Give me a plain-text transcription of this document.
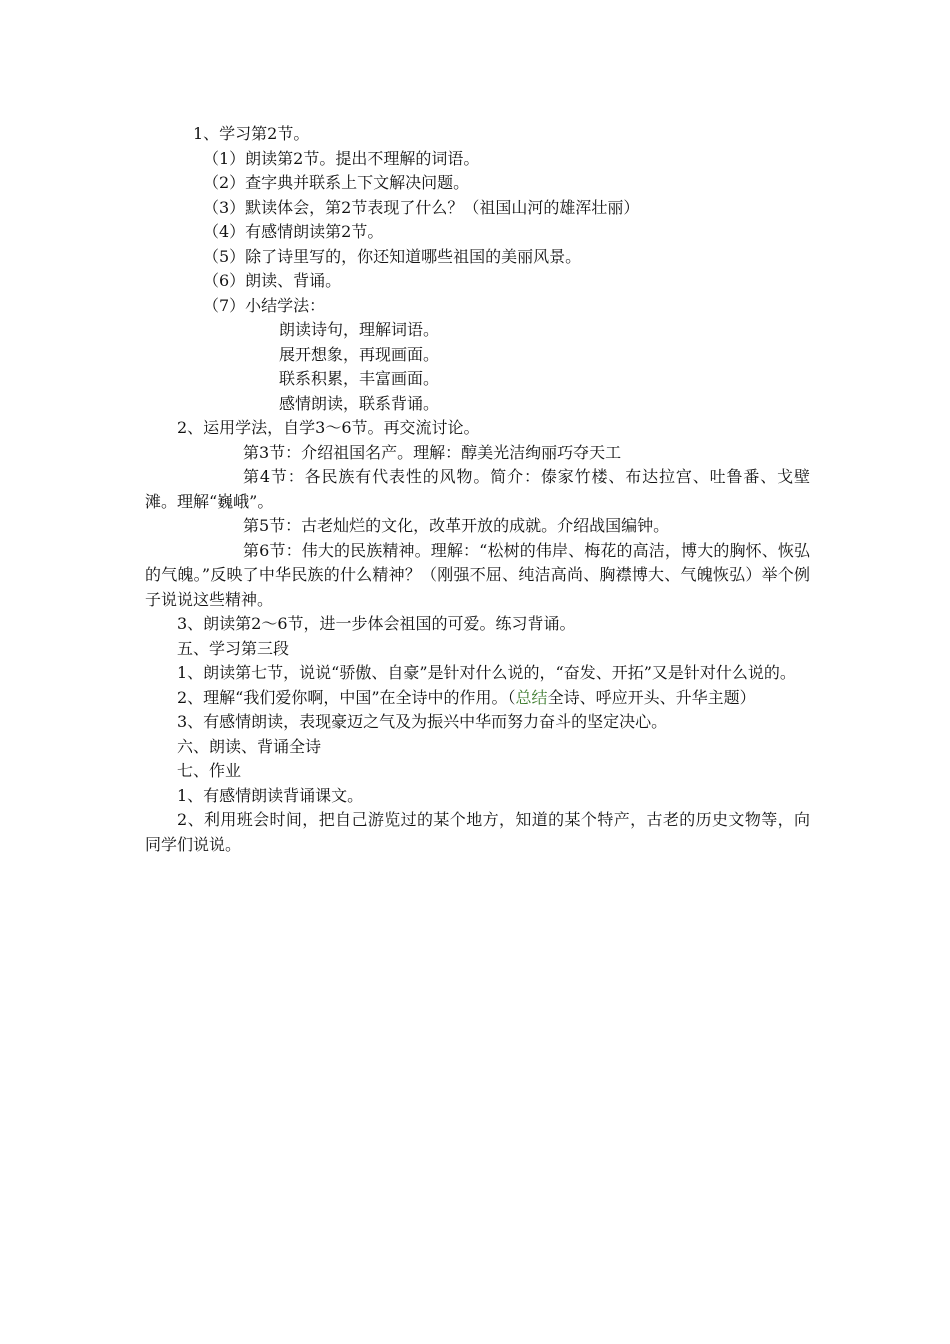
1、学习第2节。
（1）朗读第2节。提出不理解的词语。
（2）查字典并联系上下文解决问题。
（3）默读体会，第2节表现了什么？（祖国山河的雄浑壮丽）
（4）有感情朗读第2节。
（5）除了诗里写的，你还知道哪些祖国的美丽风景。
（6）朗读、背诵。
（7）小结学法：
朗读诗句，理解词语。
展开想象，再现画面。
联系积累，丰富画面。
感情朗读，联系背诵。
2、运用学法，自学3～6节。再交流讨论。
第3节：介绍祖国名产。理解：醇美光洁绚丽巧夺天工
第4节：各民族有代表性的风物。简介：傣家竹楼、布达拉宫、吐鲁番、戈壁滩。理解“巍峨”。
第5节：古老灿烂的文化，改革开放的成就。介绍战国编钟。
第6节：伟大的民族精神。理解：“松树的伟岸、梅花的高洁，博大的胸怀、恢弘的气魄。”反映了中华民族的什么精神？（刚强不屈、纯洁高尚、胸襟博大、气魄恢弘）举个例子说说这些精神。
3、朗读第2～6节，进一步体会祖国的可爱。练习背诵。
五、学习第三段
1、朗读第七节，说说“骄傲、自豪”是针对什么说的，“奋发、开拓”又是针对什么说的。
2、理解“我们爱你啊，中国”在全诗中的作用。（总结全诗、呼应开头、升华主题）
3、有感情朗读，表现豪迈之气及为振兴中华而努力奋斗的坚定决心。
六、朗读、背诵全诗
七、作业
1、有感情朗读背诵课文。
2、利用班会时间，把自己游览过的某个地方，知道的某个特产，古老的历史文物等，向同学们说说。
